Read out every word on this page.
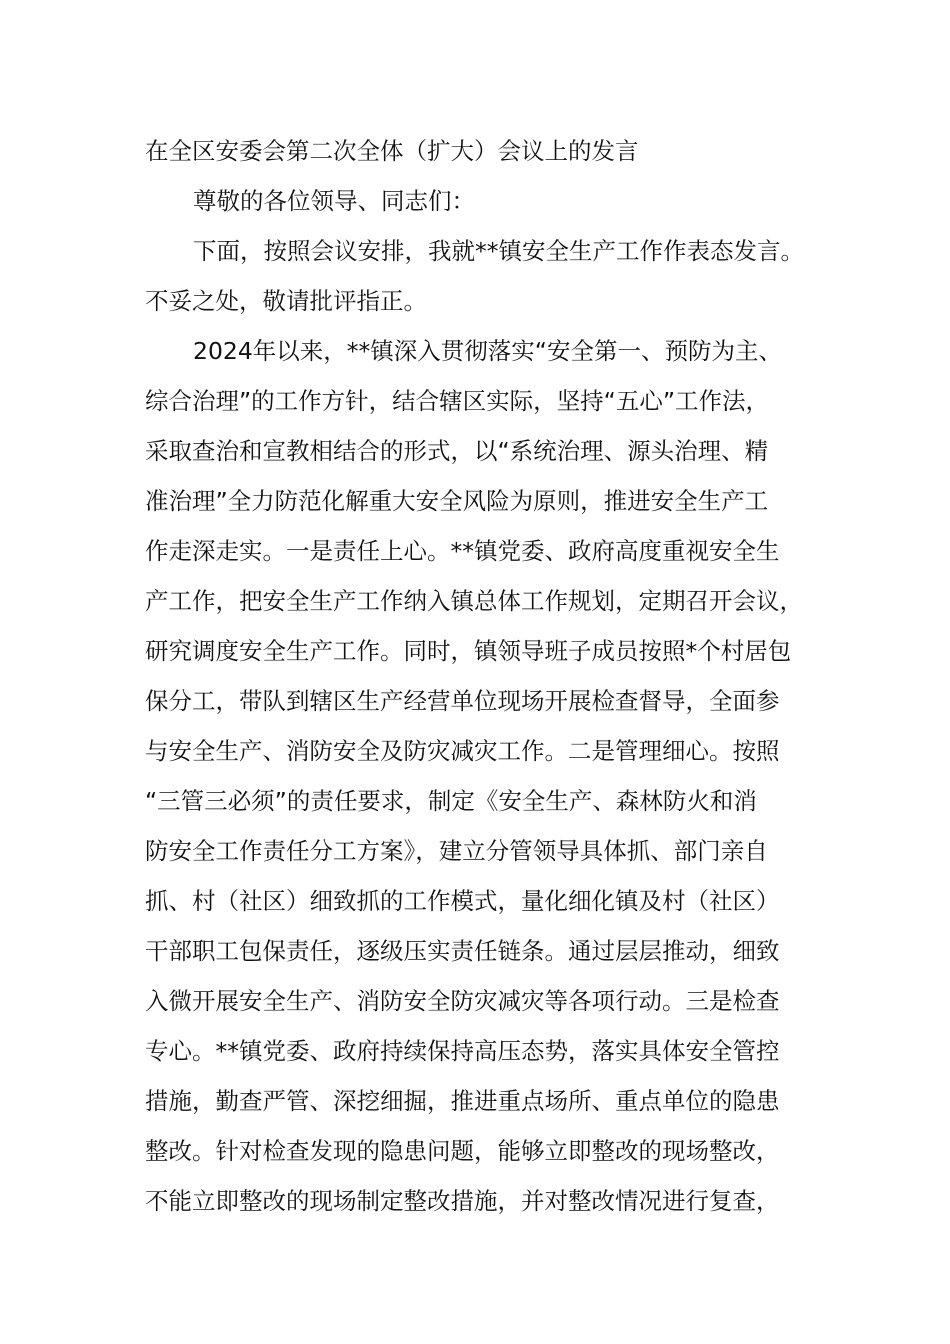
在全区安委会第二次全体（扩大）会议上的发言
尊敬的各位领导、同志们：
下面，按照会议安排，我就**镇安全生产工作作表态发言。
不妥之处，敬请批评指正。
2024年以来，**镇深入贯彻落实“安全第一、预防为主、
综合治理”的工作方针，结合辖区实际，坚持“五心”工作法，
采取查治和宣教相结合的形式，以“系统治理、源头治理、精
准治理”全力防范化解重大安全风险为原则，推进安全生产工
作走深走实。一是责任上心。**镇党委、政府高度重视安全生
产工作，把安全生产工作纳入镇总体工作规划，定期召开会议，
研究调度安全生产工作。同时，镇领导班子成员按照*个村居包
保分工，带队到辖区生产经营单位现场开展检查督导，全面参
与安全生产、消防安全及防灾减灾工作。二是管理细心。按照
“三管三必须”的责任要求，制定《安全生产、森林防火和消
防安全工作责任分工方案》，建立分管领导具体抓、部门亲自
抓、村（社区）细致抓的工作模式，量化细化镇及村（社区）
干部职工包保责任，逐级压实责任链条。通过层层推动，细致
入微开展安全生产、消防安全防灾减灾等各项行动。三是检查
专心。**镇党委、政府持续保持高压态势，落实具体安全管控
措施，勤查严管、深挖细掘，推进重点场所、重点单位的隐患
整改。针对检查发现的隐患问题，能够立即整改的现场整改，
不能立即整改的现场制定整改措施，并对整改情况进行复查，
